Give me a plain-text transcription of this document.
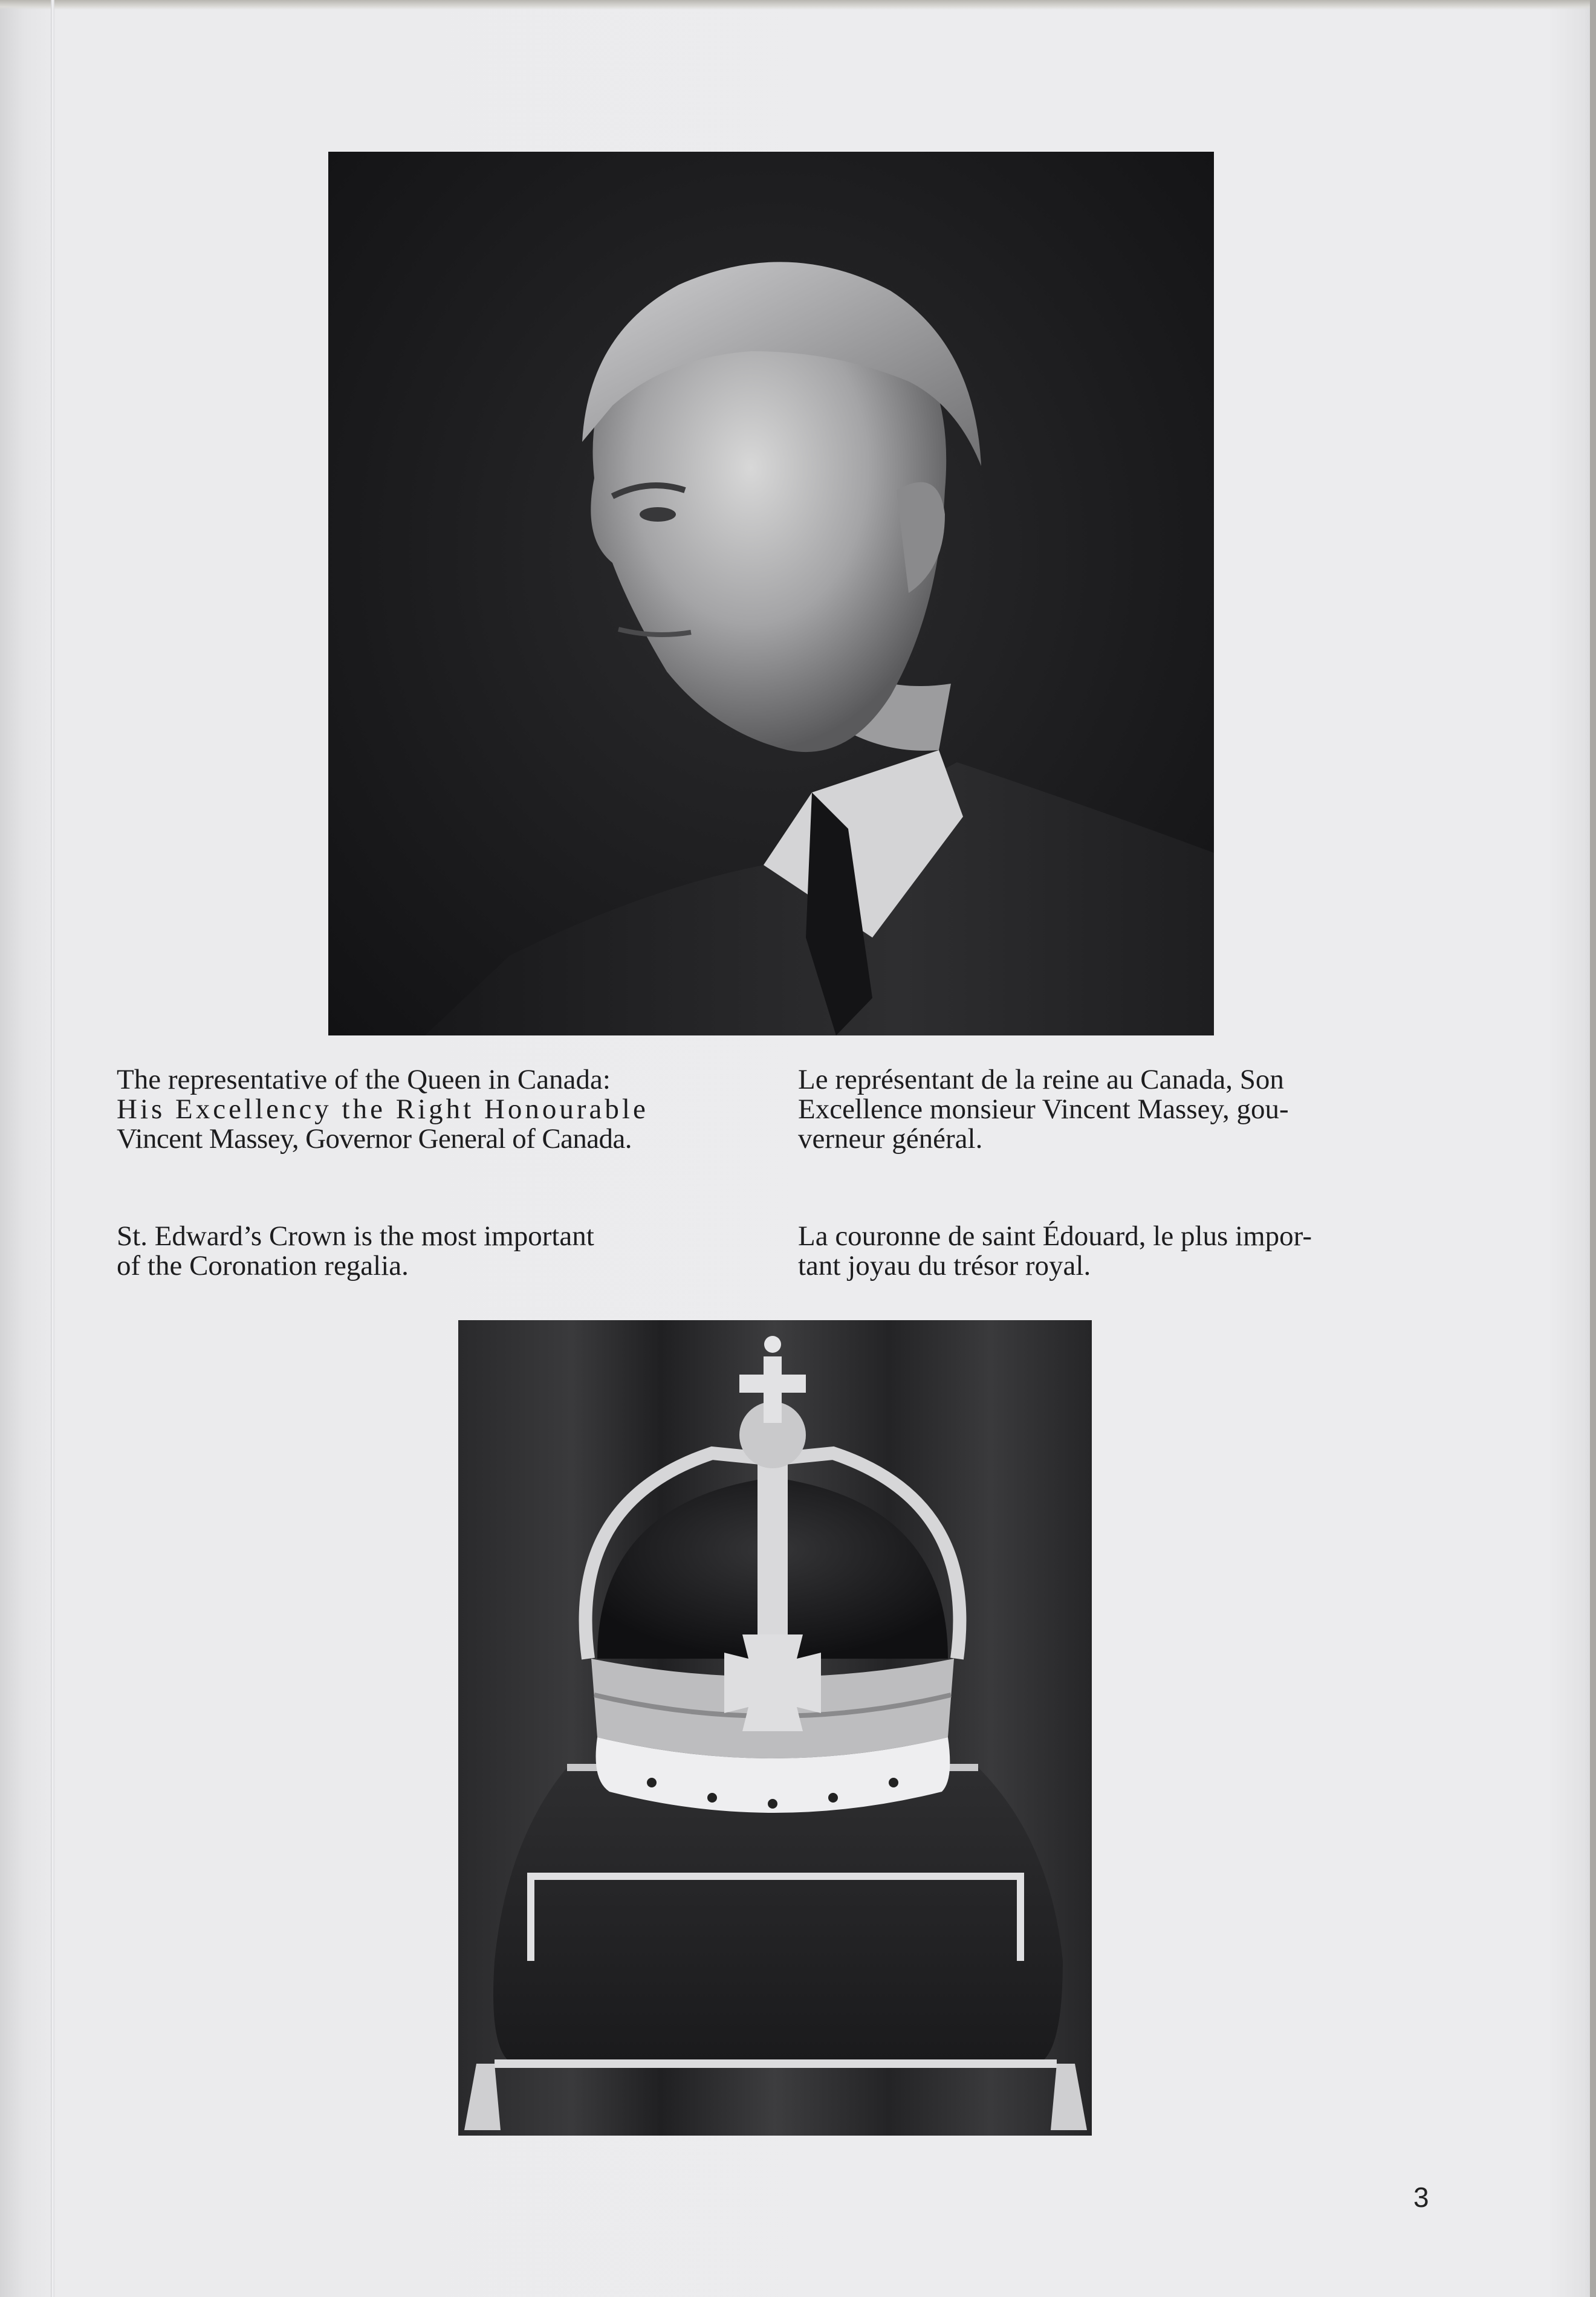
The representative of the Queen in Canada:
His Excellency the Right Honourable
Vincent Massey, Governor General of Canada.

Le représentant de la reine au Canada, Son
Excellence monsieur Vincent Massey, gou-
verneur général.

St. Edward’s Crown is the most important
of the Coronation regalia.

La couronne de saint Édouard, le plus impor-
tant joyau du trésor royal.

3
